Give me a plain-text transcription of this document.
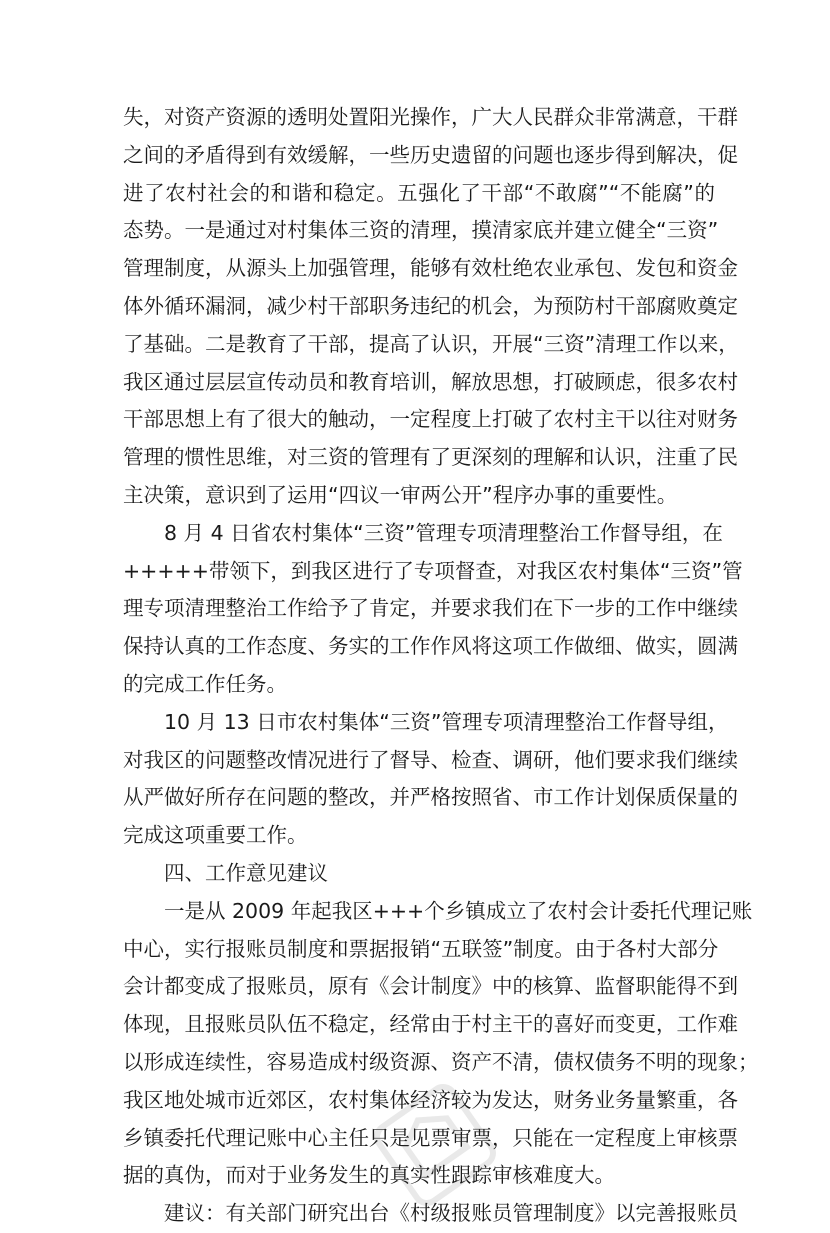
失，对资产资源的透明处置阳光操作，广大人民群众非常满意，干群
之间的矛盾得到有效缓解，一些历史遗留的问题也逐步得到解决，促
进了农村社会的和谐和稳定。五强化了干部“不敢腐”“不能腐”的
态势。一是通过对村集体三资的清理，摸清家底并建立健全“三资”
管理制度，从源头上加强管理，能够有效杜绝农业承包、发包和资金
体外循环漏洞，减少村干部职务违纪的机会，为预防村干部腐败奠定
了基础。二是教育了干部，提高了认识，开展“三资”清理工作以来，
我区通过层层宣传动员和教育培训，解放思想，打破顾虑，很多农村
干部思想上有了很大的触动，一定程度上打破了农村主干以往对财务
管理的惯性思维，对三资的管理有了更深刻的理解和认识，注重了民
主决策，意识到了运用“四议一审两公开”程序办事的重要性。
8 月 4 日省农村集体“三资”管理专项清理整治工作督导组，在
+++++带领下，到我区进行了专项督查，对我区农村集体“三资”管
理专项清理整治工作给予了肯定，并要求我们在下一步的工作中继续
保持认真的工作态度、务实的工作作风将这项工作做细、做实，圆满
的完成工作任务。
10 月 13 日市农村集体“三资”管理专项清理整治工作督导组，
对我区的问题整改情况进行了督导、检查、调研，他们要求我们继续
从严做好所存在问题的整改，并严格按照省、市工作计划保质保量的
完成这项重要工作。
四、工作意见建议
一是从 2009 年起我区+++个乡镇成立了农村会计委托代理记账
中心，实行报账员制度和票据报销“五联签”制度。由于各村大部分
会计都变成了报账员，原有《会计制度》中的核算、监督职能得不到
体现，且报账员队伍不稳定，经常由于村主干的喜好而变更，工作难
以形成连续性，容易造成村级资源、资产不清，债权债务不明的现象；
我区地处城市近郊区，农村集体经济较为发达，财务业务量繁重，各
乡镇委托代理记账中心主任只是见票审票，只能在一定程度上审核票
据的真伪，而对于业务发生的真实性跟踪审核难度大。
建议：有关部门研究出台《村级报账员管理制度》以完善报账员
